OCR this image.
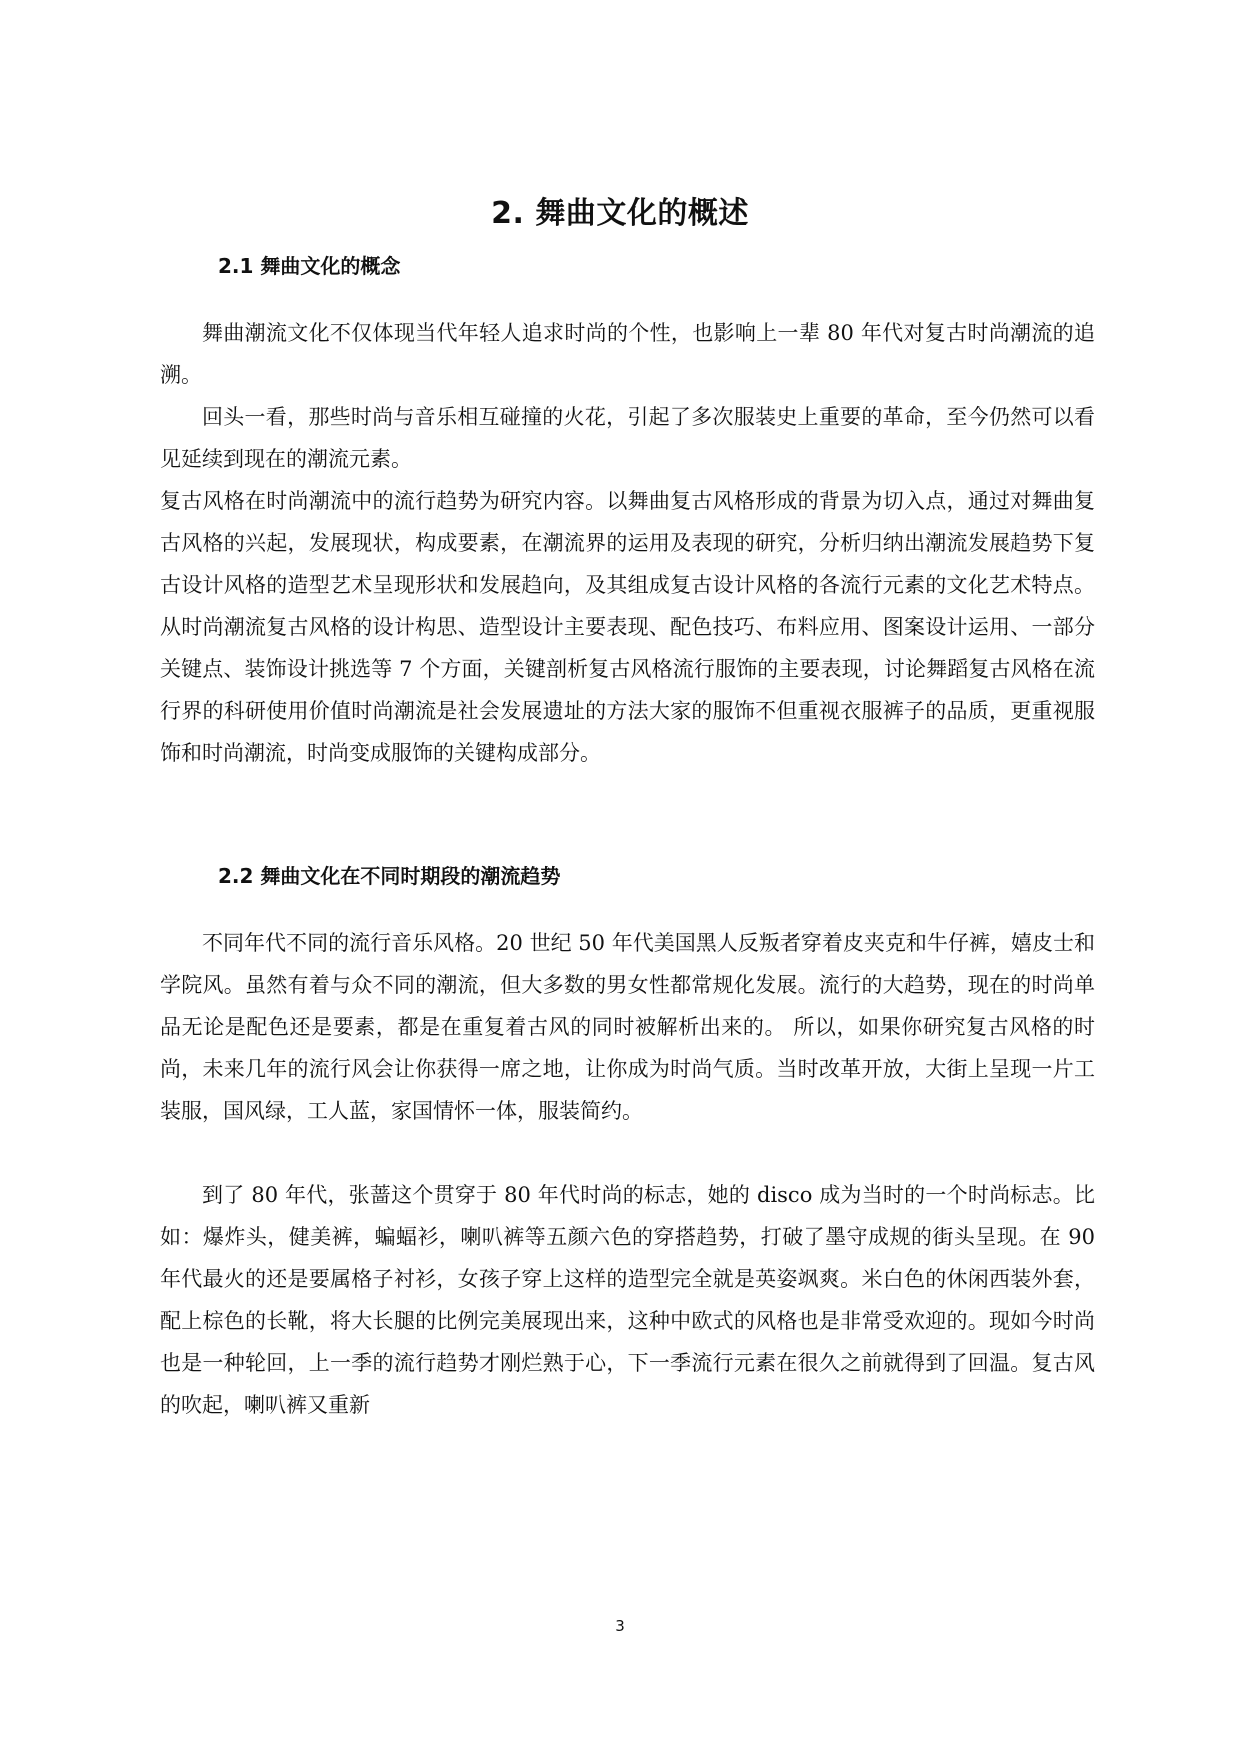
2. 舞曲文化的概述
2.1 舞曲文化的概念
舞曲潮流文化不仅体现当代年轻人追求时尚的个性，也影响上一辈 80 年代对复古时尚潮流的追溯。
回头一看，那些时尚与音乐相互碰撞的火花，引起了多次服装史上重要的革命，至今仍然可以看见延续到现在的潮流元素。
复古风格在时尚潮流中的流行趋势为研究内容。以舞曲复古风格形成的背景为切入点，通过对舞曲复古风格的兴起，发展现状，构成要素，在潮流界的运用及表现的研究，分析归纳出潮流发展趋势下复古设计风格的造型艺术呈现形状和发展趋向，及其组成复古设计风格的各流行元素的文化艺术特点。 从时尚潮流复古风格的设计构思、造型设计主要表现、配色技巧、布料应用、图案设计运用、一部分关键点、装饰设计挑选等 7 个方面，关键剖析复古风格流行服饰的主要表现，讨论舞蹈复古风格在流行界的科研使用价值时尚潮流是社会发展遗址的方法大家的服饰不但重视衣服裤子的品质，更重视服饰和时尚潮流，时尚变成服饰的关键构成部分。
2.2 舞曲文化在不同时期段的潮流趋势
不同年代不同的流行音乐风格。20 世纪 50 年代美国黑人反叛者穿着皮夹克和牛仔裤，嬉皮士和学院风。虽然有着与众不同的潮流，但大多数的男女性都常规化发展。流行的大趋势，现在的时尚单品无论是配色还是要素，都是在重复着古风的同时被解析出来的。 所以，如果你研究复古风格的时尚，未来几年的流行风会让你获得一席之地，让你成为时尚气质。当时改革开放，大街上呈现一片工装服，国风绿，工人蓝，家国情怀一体，服装简约。
到了 80 年代，张蔷这个贯穿于 80 年代时尚的标志，她的 disco 成为当时的一个时尚标志。比如：爆炸头，健美裤，蝙蝠衫，喇叭裤等五颜六色的穿搭趋势，打破了墨守成规的街头呈现。在 90 年代最火的还是要属格子衬衫，女孩子穿上这样的造型完全就是英姿飒爽。米白色的休闲西装外套，配上棕色的长靴，将大长腿的比例完美展现出来，这种中欧式的风格也是非常受欢迎的。现如今时尚也是一种轮回，上一季的流行趋势才刚烂熟于心，下一季流行元素在很久之前就得到了回温。复古风的吹起，喇叭裤又重新
3
